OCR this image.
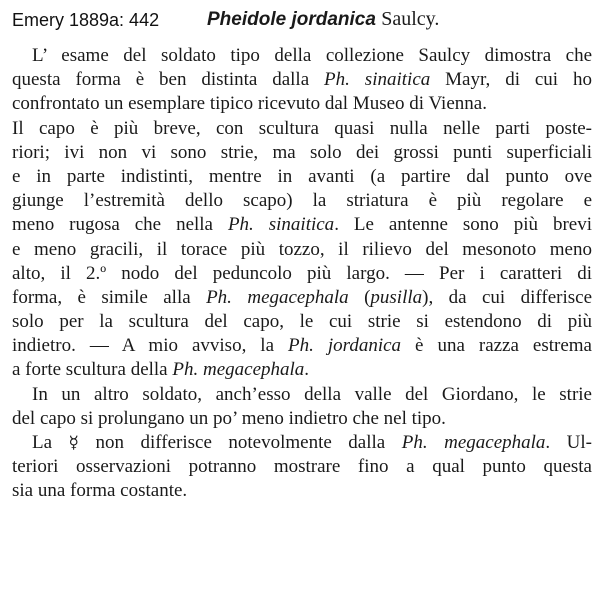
Emery 1889a: 442	Pheidole jordanica Saulcy.
L’ esame del soldato tipo della collezione Saulcy dimostra che
questa forma è ben distinta dalla Ph. sinaitica Mayr, di cui ho
confrontato un esemplare tipico ricevuto dal Museo di Vienna.
Il capo è più breve, con scultura quasi nulla nelle parti poste-
riori; ivi non vi sono strie, ma solo dei grossi punti superficiali
e in parte indistinti, mentre in avanti (a partire dal punto ove
giunge l’estremità dello scapo) la striatura è più regolare e
meno rugosa che nella Ph. sinaitica. Le antenne sono più brevi
e meno gracili, il torace più tozzo, il rilievo del mesonoto meno
alto, il 2.º nodo del peduncolo più largo. — Per i caratteri di
forma, è simile alla Ph. megacephala (pusilla), da cui differisce
solo per la scultura del capo, le cui strie si estendono di più
indietro. — A mio avviso, la Ph. jordanica è una razza estrema
a forte scultura della Ph. megacephala.
In un altro soldato, anch’esso della valle del Giordano, le strie
del capo si prolungano un po’ meno indietro che nel tipo.
La ☿ non differisce notevolmente dalla Ph. megacephala. Ul-
teriori osservazioni potranno mostrare fino a qual punto questa
sia una forma costante.
